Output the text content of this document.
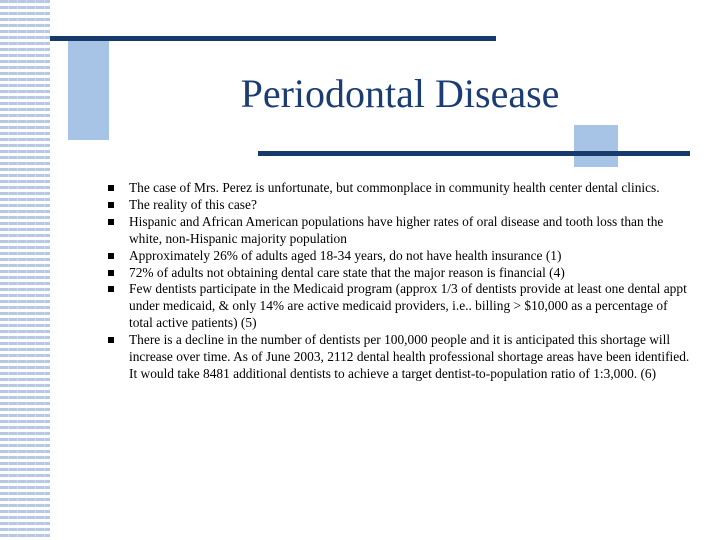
Periodontal Disease
The case of Mrs. Perez is unfortunate, but commonplace in community health center dental clinics.
The reality of this case?
Hispanic and African American populations have higher rates of oral disease and tooth loss than the white, non-Hispanic majority population
Approximately 26% of adults aged 18-34 years, do not have health insurance (1)
72% of adults not obtaining dental care state that the major reason is financial (4)
Few dentists participate in the Medicaid program (approx 1/3 of dentists provide at least one dental appt under medicaid, & only 14% are active medicaid providers, i.e.. billing > $10,000 as a percentage of total active patients) (5)
There is a decline in the number of dentists per 100,000 people and it is anticipated this shortage will increase over time. As of June 2003, 2112 dental health professional shortage areas have been identified. It would take 8481 additional dentists to achieve a target dentist-to-population ratio of 1:3,000. (6)
